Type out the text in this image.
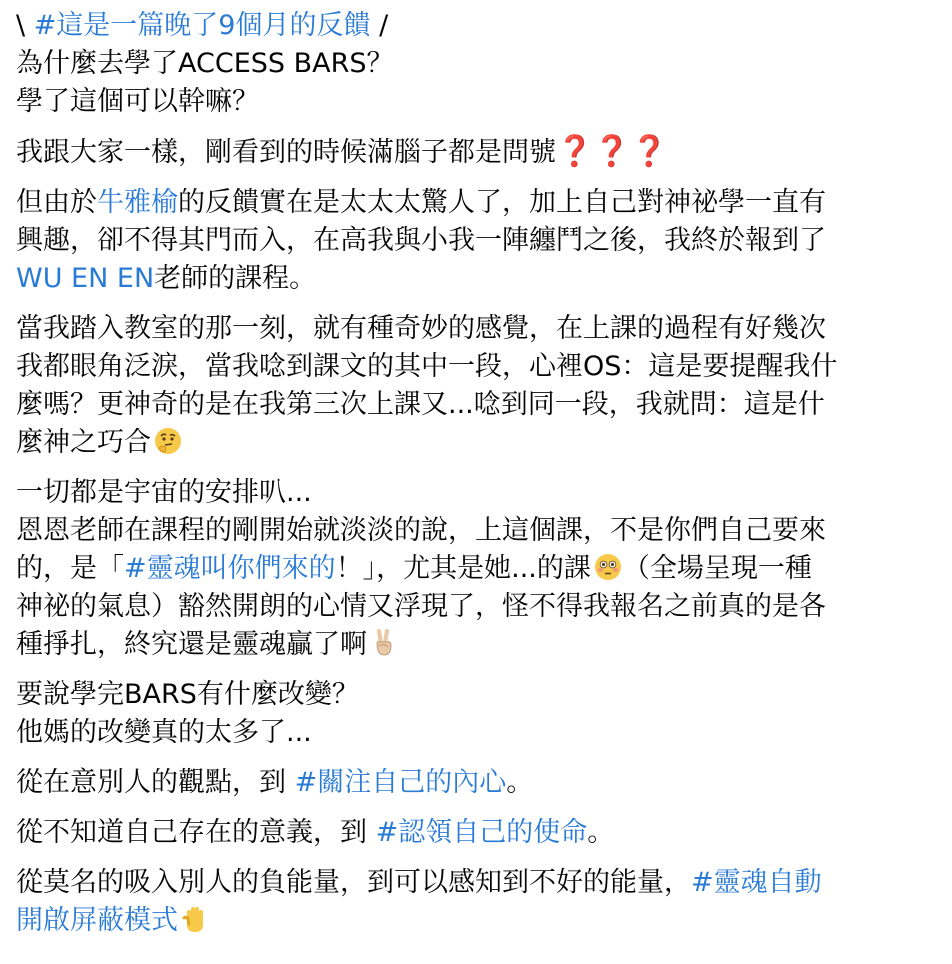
\ #這是一篇晚了9個月的反饋 /
為什麼去學了ACCESS BARS？
學了這個可以幹嘛？
我跟大家一樣，剛看到的時候滿腦子都是問號❓❓❓
但由於牛雅榆的反饋實在是太太太驚人了，加上自己對神祕學一直有
興趣，卻不得其門而入，在高我與小我一陣纏鬥之後，我終於報到了
WU EN EN老師的課程。
當我踏入教室的那一刻，就有種奇妙的感覺，在上課的過程有好幾次
我都眼角泛淚，當我唸到課文的其中一段，心裡OS：這是要提醒我什
麼嗎？更神奇的是在我第三次上課又...唸到同一段，我就問：這是什
麼神之巧合
一切都是宇宙的安排叭...
恩恩老師在課程的剛開始就淡淡的說，上這個課，不是你們自己要來
的，是「#靈魂叫你們來的！」，尤其是她...的課 （全場呈現一種
神祕的氣息）豁然開朗的心情又浮現了，怪不得我報名之前真的是各
種掙扎，終究還是靈魂贏了啊
要說學完BARS有什麼改變？
他媽的改變真的太多了...
從在意別人的觀點，到 #關注自己的內心。
從不知道自己存在的意義，到 #認領自己的使命。
從莫名的吸入別人的負能量，到可以感知到不好的能量，#靈魂自動
開啟屏蔽模式
